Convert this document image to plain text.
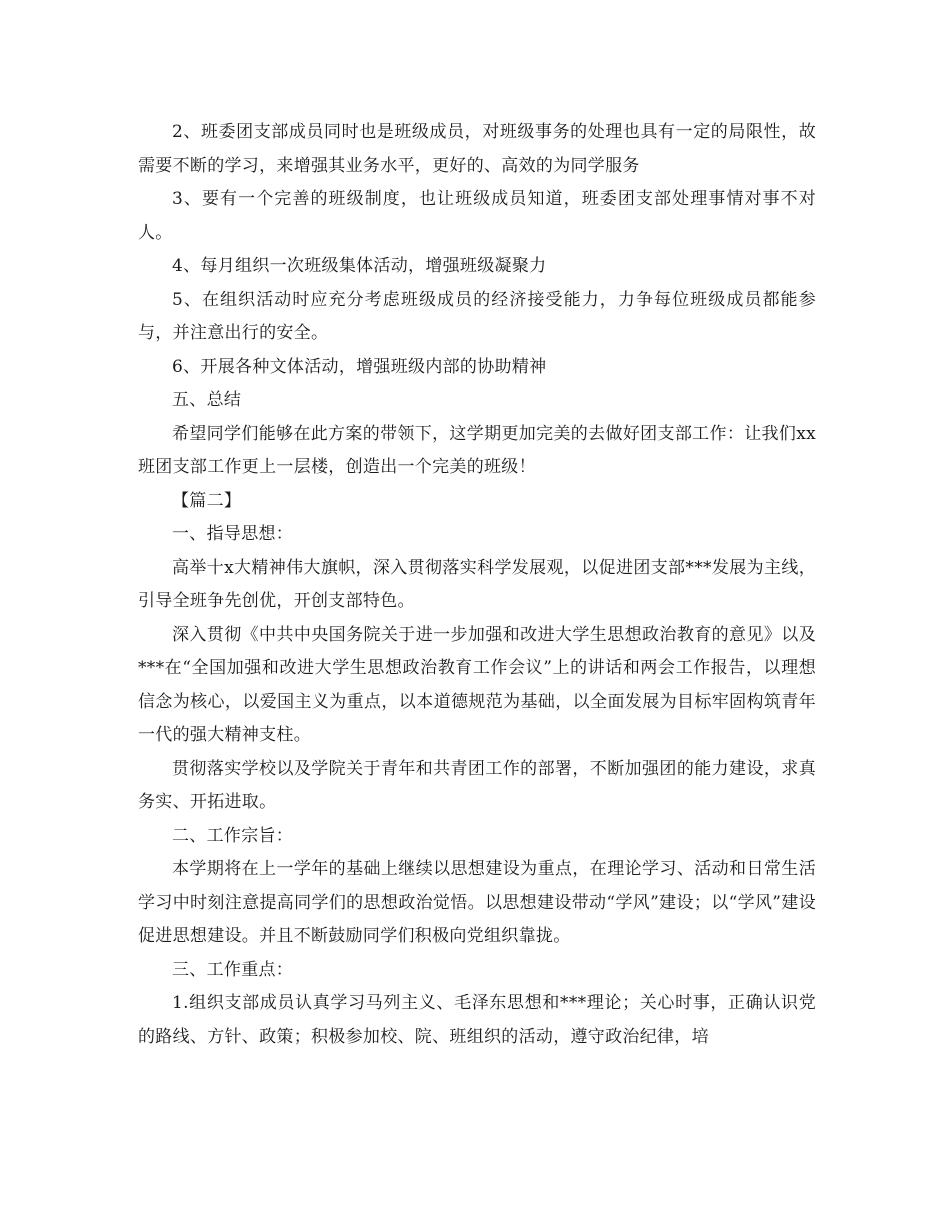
2、班委团支部成员同时也是班级成员，对班级事务的处理也具有一定的局限性，故需要不断的学习，来增强其业务水平，更好的、高效的为同学服务

3、要有一个完善的班级制度，也让班级成员知道，班委团支部处理事情对事不对人。

4、每月组织一次班级集体活动，增强班级凝聚力

5、在组织活动时应充分考虑班级成员的经济接受能力，力争每位班级成员都能参与，并注意出行的安全。

6、开展各种文体活动，增强班级内部的协助精神

五、总结

希望同学们能够在此方案的带领下，这学期更加完美的去做好团支部工作：让我们xx班团支部工作更上一层楼，创造出一个完美的班级！

【篇二】

一、指导思想：

高举十x大精神伟大旗帜，深入贯彻落实科学发展观，以促进团支部***发展为主线，引导全班争先创优，开创支部特色。

深入贯彻《中共中央国务院关于进一步加强和改进大学生思想政治教育的意见》以及***在“全国加强和改进大学生思想政治教育工作会议”上的讲话和两会工作报告，以理想信念为核心，以爱国主义为重点，以本道德规范为基础，以全面发展为目标牢固构筑青年一代的强大精神支柱。

贯彻落实学校以及学院关于青年和共青团工作的部署，不断加强团的能力建设，求真务实、开拓进取。

二、工作宗旨：

本学期将在上一学年的基础上继续以思想建设为重点，在理论学习、活动和日常生活学习中时刻注意提高同学们的思想政治觉悟。以思想建设带动“学风”建设；以“学风”建设促进思想建设。并且不断鼓励同学们积极向党组织靠拢。

三、工作重点：

1.组织支部成员认真学习马列主义、毛泽东思想和***理论；关心时事，正确认识党的路线、方针、政策；积极参加校、院、班组织的活动，遵守政治纪律，培
